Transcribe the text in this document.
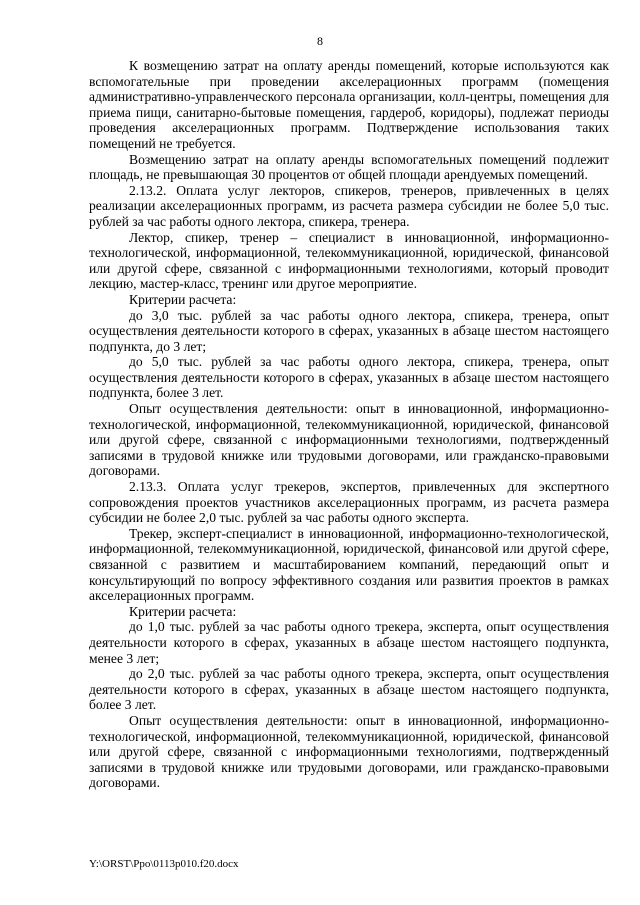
8

К возмещению затрат на оплату аренды помещений, которые используются как вспомогательные при проведении акселерационных программ (помещения административно-управленческого персонала организации, колл-центры, помещения для приема пищи, санитарно-бытовые помещения, гардероб, коридоры), подлежат периоды проведения акселерационных программ. Подтверждение использования таких помещений не требуется.

Возмещению затрат на оплату аренды вспомогательных помещений подлежит площадь, не превышающая 30 процентов от общей площади арендуемых помещений.

2.13.2. Оплата услуг лекторов, спикеров, тренеров, привлеченных в целях реализации акселерационных программ, из расчета размера субсидии не более 5,0 тыс. рублей за час работы одного лектора, спикера, тренера.

Лектор, спикер, тренер – специалист в инновационной, информационно-технологической, информационной, телекоммуникационной, юридической, финансовой или другой сфере, связанной с информационными технологиями, который проводит лекцию, мастер-класс, тренинг или другое мероприятие.

Критерии расчета:

до 3,0 тыс. рублей за час работы одного лектора, спикера, тренера, опыт осуществления деятельности которого в сферах, указанных в абзаце шестом настоящего подпункта, до 3 лет;

до 5,0 тыс. рублей за час работы одного лектора, спикера, тренера, опыт осуществления деятельности которого в сферах, указанных в абзаце шестом настоящего подпункта, более 3 лет.

Опыт осуществления деятельности: опыт в инновационной, информационно-технологической, информационной, телекоммуникационной, юридической, финансовой или другой сфере, связанной с информационными технологиями, подтвержденный записями в трудовой книжке или трудовыми договорами, или гражданско-правовыми договорами.

2.13.3. Оплата услуг трекеров, экспертов, привлеченных для экспертного сопровождения проектов участников акселерационных программ, из расчета размера субсидии не более 2,0 тыс. рублей за час работы одного эксперта.

Трекер, эксперт-специалист в инновационной, информационно-технологической, информационной, телекоммуникационной, юридической, финансовой или другой сфере, связанной с развитием и масштабированием компаний, передающий опыт и консультирующий по вопросу эффективного создания или развития проектов в рамках акселерационных программ.

Критерии расчета:

до 1,0 тыс. рублей за час работы одного трекера, эксперта, опыт осуществления деятельности которого в сферах, указанных в абзаце шестом настоящего подпункта, менее 3 лет;

до 2,0 тыс. рублей за час работы одного трекера, эксперта, опыт осуществления деятельности которого в сферах, указанных в абзаце шестом настоящего подпункта, более 3 лет.

Опыт осуществления деятельности: опыт в инновационной, информационно-технологической, информационной, телекоммуникационной, юридической, финансовой или другой сфере, связанной с информационными технологиями, подтвержденный записями в трудовой книжке или трудовыми договорами, или гражданско-правовыми договорами.

Y:\ORST\Ppo\0113p010.f20.docx
